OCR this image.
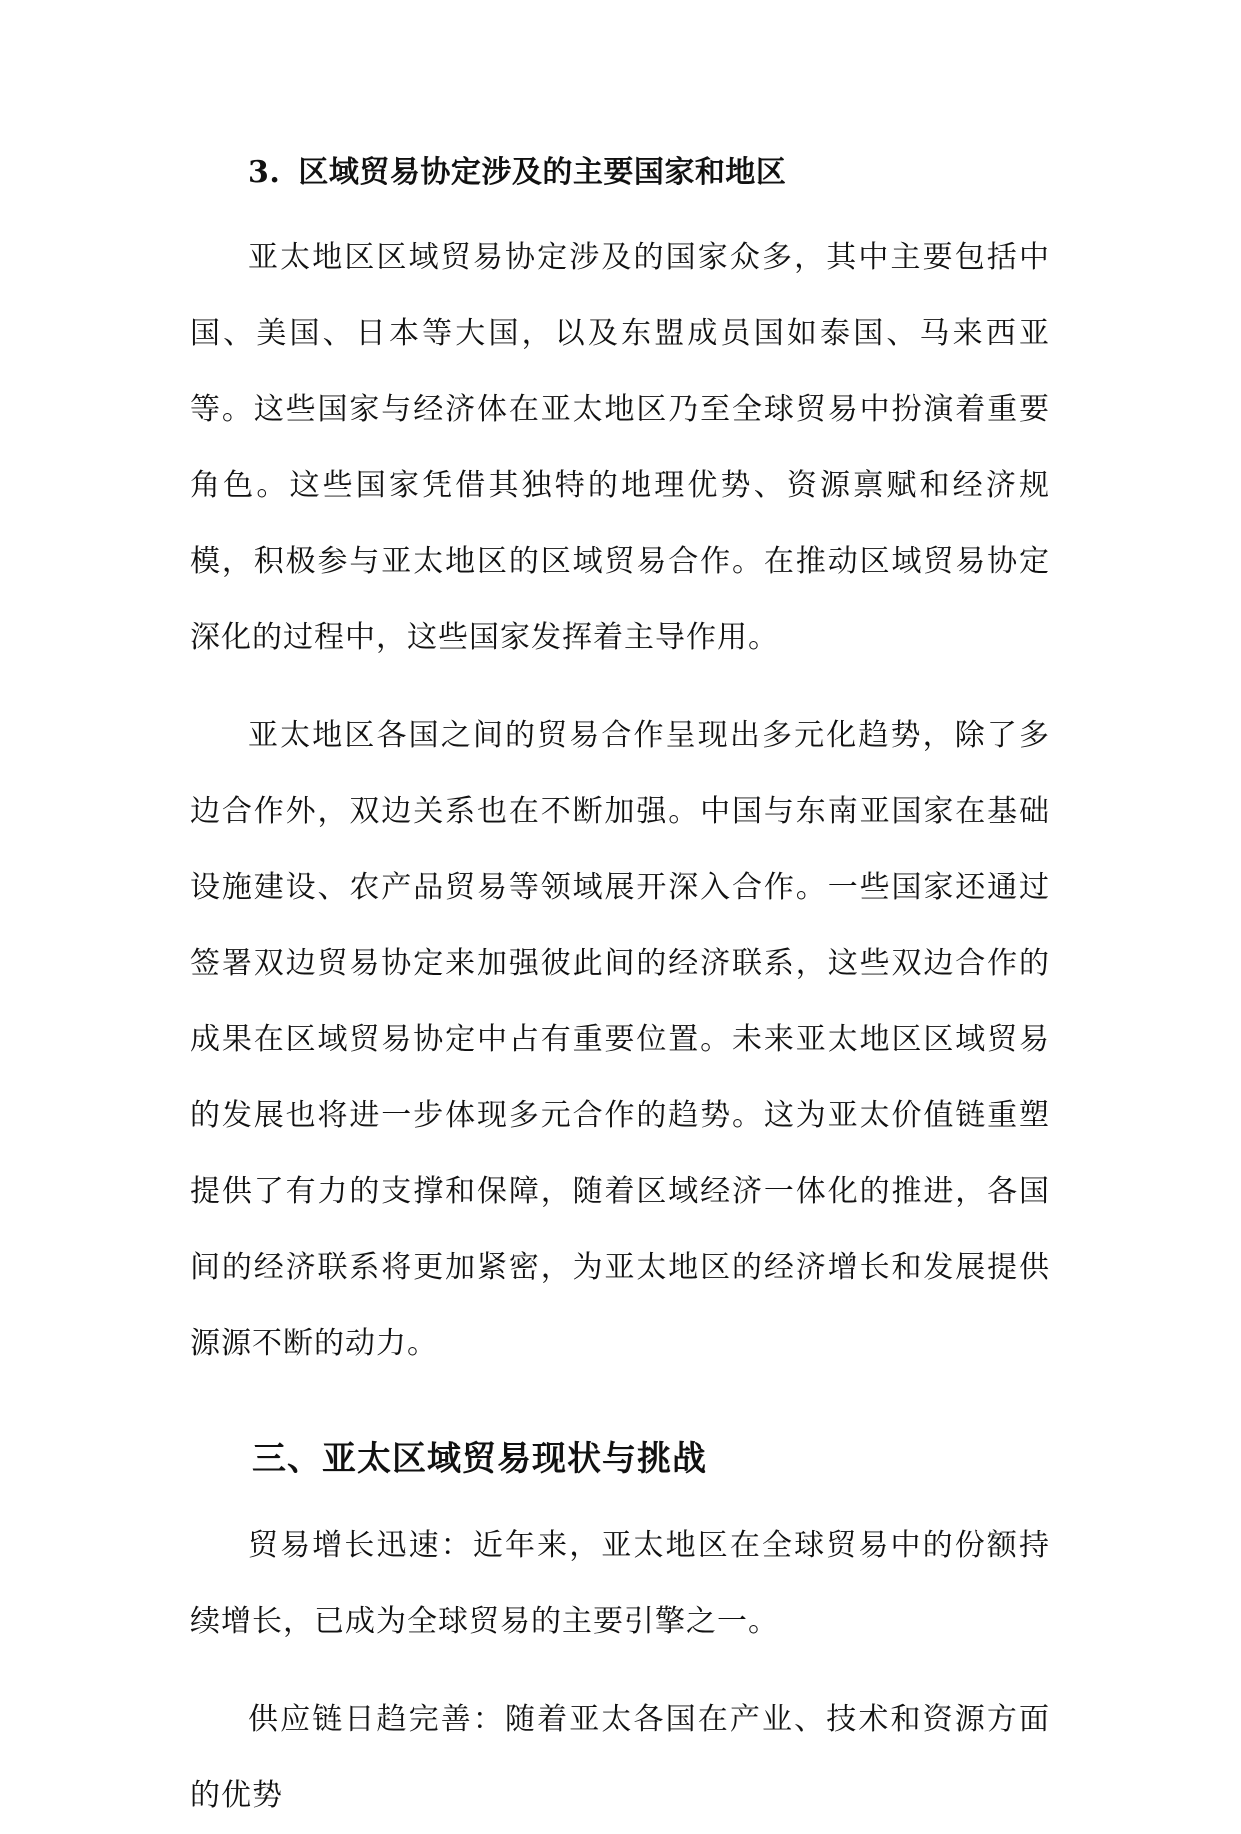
3. 区域贸易协定涉及的主要国家和地区

亚太地区区域贸易协定涉及的国家众多，其中主要包括中国、美国、日本等大国，以及东盟成员国如泰国、马来西亚等。这些国家与经济体在亚太地区乃至全球贸易中扮演着重要角色。这些国家凭借其独特的地理优势、资源禀赋和经济规模，积极参与亚太地区的区域贸易合作。在推动区域贸易协定深化的过程中，这些国家发挥着主导作用。

亚太地区各国之间的贸易合作呈现出多元化趋势，除了多边合作外，双边关系也在不断加强。中国与东南亚国家在基础设施建设、农产品贸易等领域展开深入合作。一些国家还通过签署双边贸易协定来加强彼此间的经济联系，这些双边合作的成果在区域贸易协定中占有重要位置。未来亚太地区区域贸易的发展也将进一步体现多元合作的趋势。这为亚太价值链重塑提供了有力的支撑和保障，随着区域经济一体化的推进，各国间的经济联系将更加紧密，为亚太地区的经济增长和发展提供源源不断的动力。

三、亚太区域贸易现状与挑战

贸易增长迅速：近年来，亚太地区在全球贸易中的份额持续增长，已成为全球贸易的主要引擎之一。

供应链日趋完善：随着亚太各国在产业、技术和资源方面的优势
